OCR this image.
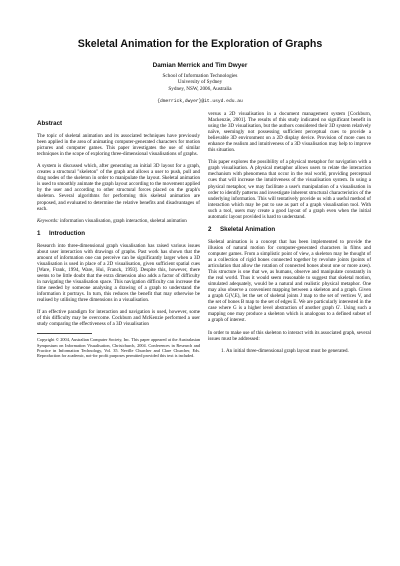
Skeletal Animation for the Exploration of Graphs
Damian Merrick and Tim Dwyer
School of Information Technologies
University of Sydney
Sydney, NSW, 2006, Australia
{dmerrick,dwyer}@it.usyd.edu.au
Abstract

The topic of skeletal animation and its associated techniques have previously been applied in the area of animating computer-generated characters for motion pictures and computer games. This paper investigates the use of similar techniques in the scope of exploring three-dimensional visualisations of graphs.

A system is discussed which, after generating an initial 3D layout for a graph, creates a structural "skeleton" of the graph and allows a user to push, pull and drag nodes of the skeleton in order to manipulate the layout. Skeletal animation is used to smoothly animate the graph layout according to the movement applied by the user and according to other structural forces placed on the graph's skeleton. Several algorithms for performing this skeletal animation are proposed, and evaluated to determine the relative benefits and disadvantages of each.

Keywords: information visualisation, graph interaction, skeletal animation

1 Introduction

Research into three-dimensional graph visualisation has raised various issues about user interaction with drawings of graphs. Past work has shown that the amount of information one can perceive can be significantly larger when a 3D visualisation is used in place of a 2D visualisation, given sufficient spatial cues [Ware, Frank, 1994, Ware, Hui, Franck, 1993]. Despite this, however, there seems to be little doubt that the extra dimension also adds a factor of difficulty in navigating the visualisation space. This navigation difficulty can increase the time needed by someone analysing a drawing of a graph to understand the information it portrays. In turn, this reduces the benefit that may otherwise be realised by utilising three dimensions in a visualisation.

If an effective paradigm for interaction and navigation is used, however, some of this difficulty may be overcome. Cockburn and McKenzie performed a user study comparing the effectiveness of a 3D visualisation

Copyright © 2004, Australian Computer Society, Inc. This paper appeared at the Australasian Symposium on Information Visualisation, Christchurch, 2004. Conferences in Research and Practice in Information Technology, Vol. 35. Neville Churcher and Clare Churcher, Eds. Reproduction for academic, not-for profit purposes permitted provided this text is included.

versus a 2D visualisation in a document management system [Cockburn, Mackenzie, 2001]. The results of this study indicated no significant benefit in using the 3D visualisation, but the authors considered their 3D system relatively naïve, seemingly not possessing sufficient perceptual cues to provide a believable 3D environment on a 2D display device. Provision of more cues to enhance the realism and intuitiveness of a 3D visualisation may help to improve this situation.

This paper explores the possibility of a physical metaphor for navigation with a graph visualisation. A physical metaphor allows users to relate the interaction mechanism with phenomena that occur in the real world, providing perceptual cues that will increase the intuitiveness of the visualisation system. In using a physical metaphor, we may facilitate a user's manipulation of a visualisation in order to identify patterns and investigate inherent structural characteristics of the underlying information. This will tentatively provide us with a useful method of interaction which may be put to use as part of a graph visualisation tool. With such a tool, users may create a good layout of a graph even when the initial automatic layout provided is hard to understand.

2 Skeletal Animation

Skeletal animation is a concept that has been implemented to provide the illusion of natural motion for computer-generated characters in films and computer games. From a simplistic point of view, a skeleton may be thought of as a collection of rigid bones connected together by revolute joints (points of articulation that allow the rotation of connected bones about one or more axes). This structure is one that we, as humans, observe and manipulate constantly in the real world. Thus it would seem reasonable to suggest that skeletal motion, simulated adequately, would be a natural and realistic physical metaphor. One may also observe a convenient mapping between a skeleton and a graph. Given a graph G(V,E), let the set of skeletal joints J map to the set of vertices V, and the set of bones B map to the set of edges E. We are particularly interested in the case where G is a higher level abstraction of another graph G'. Using such a mapping one may produce a skeleton which is analogous to a defined subset of a graph of interest.

In order to make use of this skeleton to interact with its associated graph, several issues must be addressed:

1. An initial three-dimensional graph layout must be generated.
